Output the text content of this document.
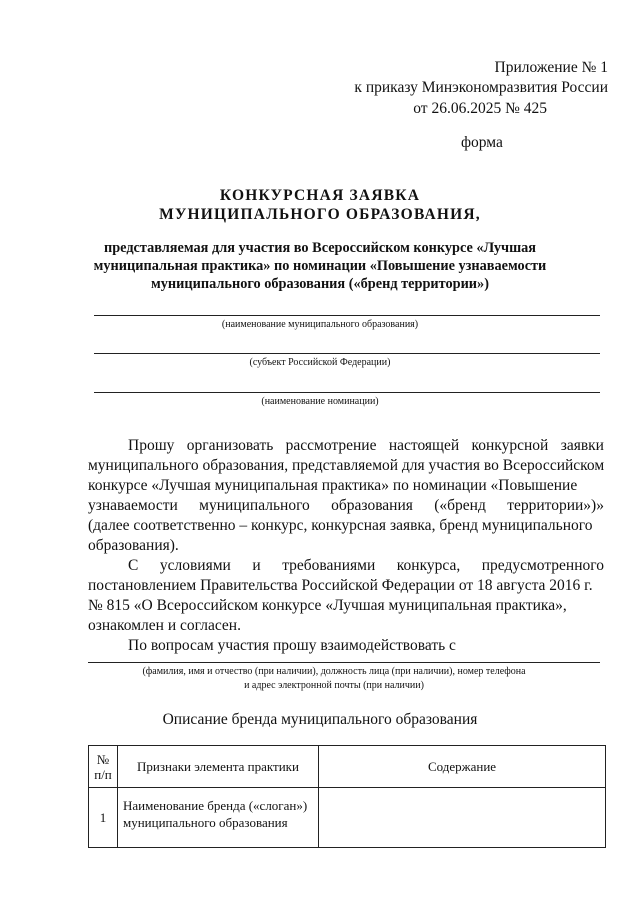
Приложение № 1
к приказу Минэкономразвития России
от 26.06.2025 № 425
форма
КОНКУРСНАЯ ЗАЯВКА
МУНИЦИПАЛЬНОГО ОБРАЗОВАНИЯ,
представляемая для участия во Всероссийском конкурсе «Лучшая
муниципальная практика» по номинации «Повышение узнаваемости
муниципального образования («бренд территории»)
(наименование муниципального образования)
(субъект Российской Федерации)
(наименование номинации)
Прошу организовать рассмотрение настоящей конкурсной заявки
муниципального образования, представляемой для участия во Всероссийском
конкурсе «Лучшая муниципальная практика» по номинации «Повышение
узнаваемости муниципального образования («бренд территории»)»
(далее соответственно – конкурс, конкурсная заявка, бренд муниципального
образования).
С условиями и требованиями конкурса, предусмотренного
постановлением Правительства Российской Федерации от 18 августа 2016 г.
№ 815 «О Всероссийском конкурсе «Лучшая муниципальная практика»,
ознакомлен и согласен.
По вопросам участия прошу взаимодействовать с
(фамилия, имя и отчество (при наличии), должность лица (при наличии), номер телефона
и адрес электронной почты (при наличии)
Описание бренда муниципального образования
№
п/п	Признаки элемента практики	Содержание
1	Наименование бренда («слоган»)
муниципального образования	
